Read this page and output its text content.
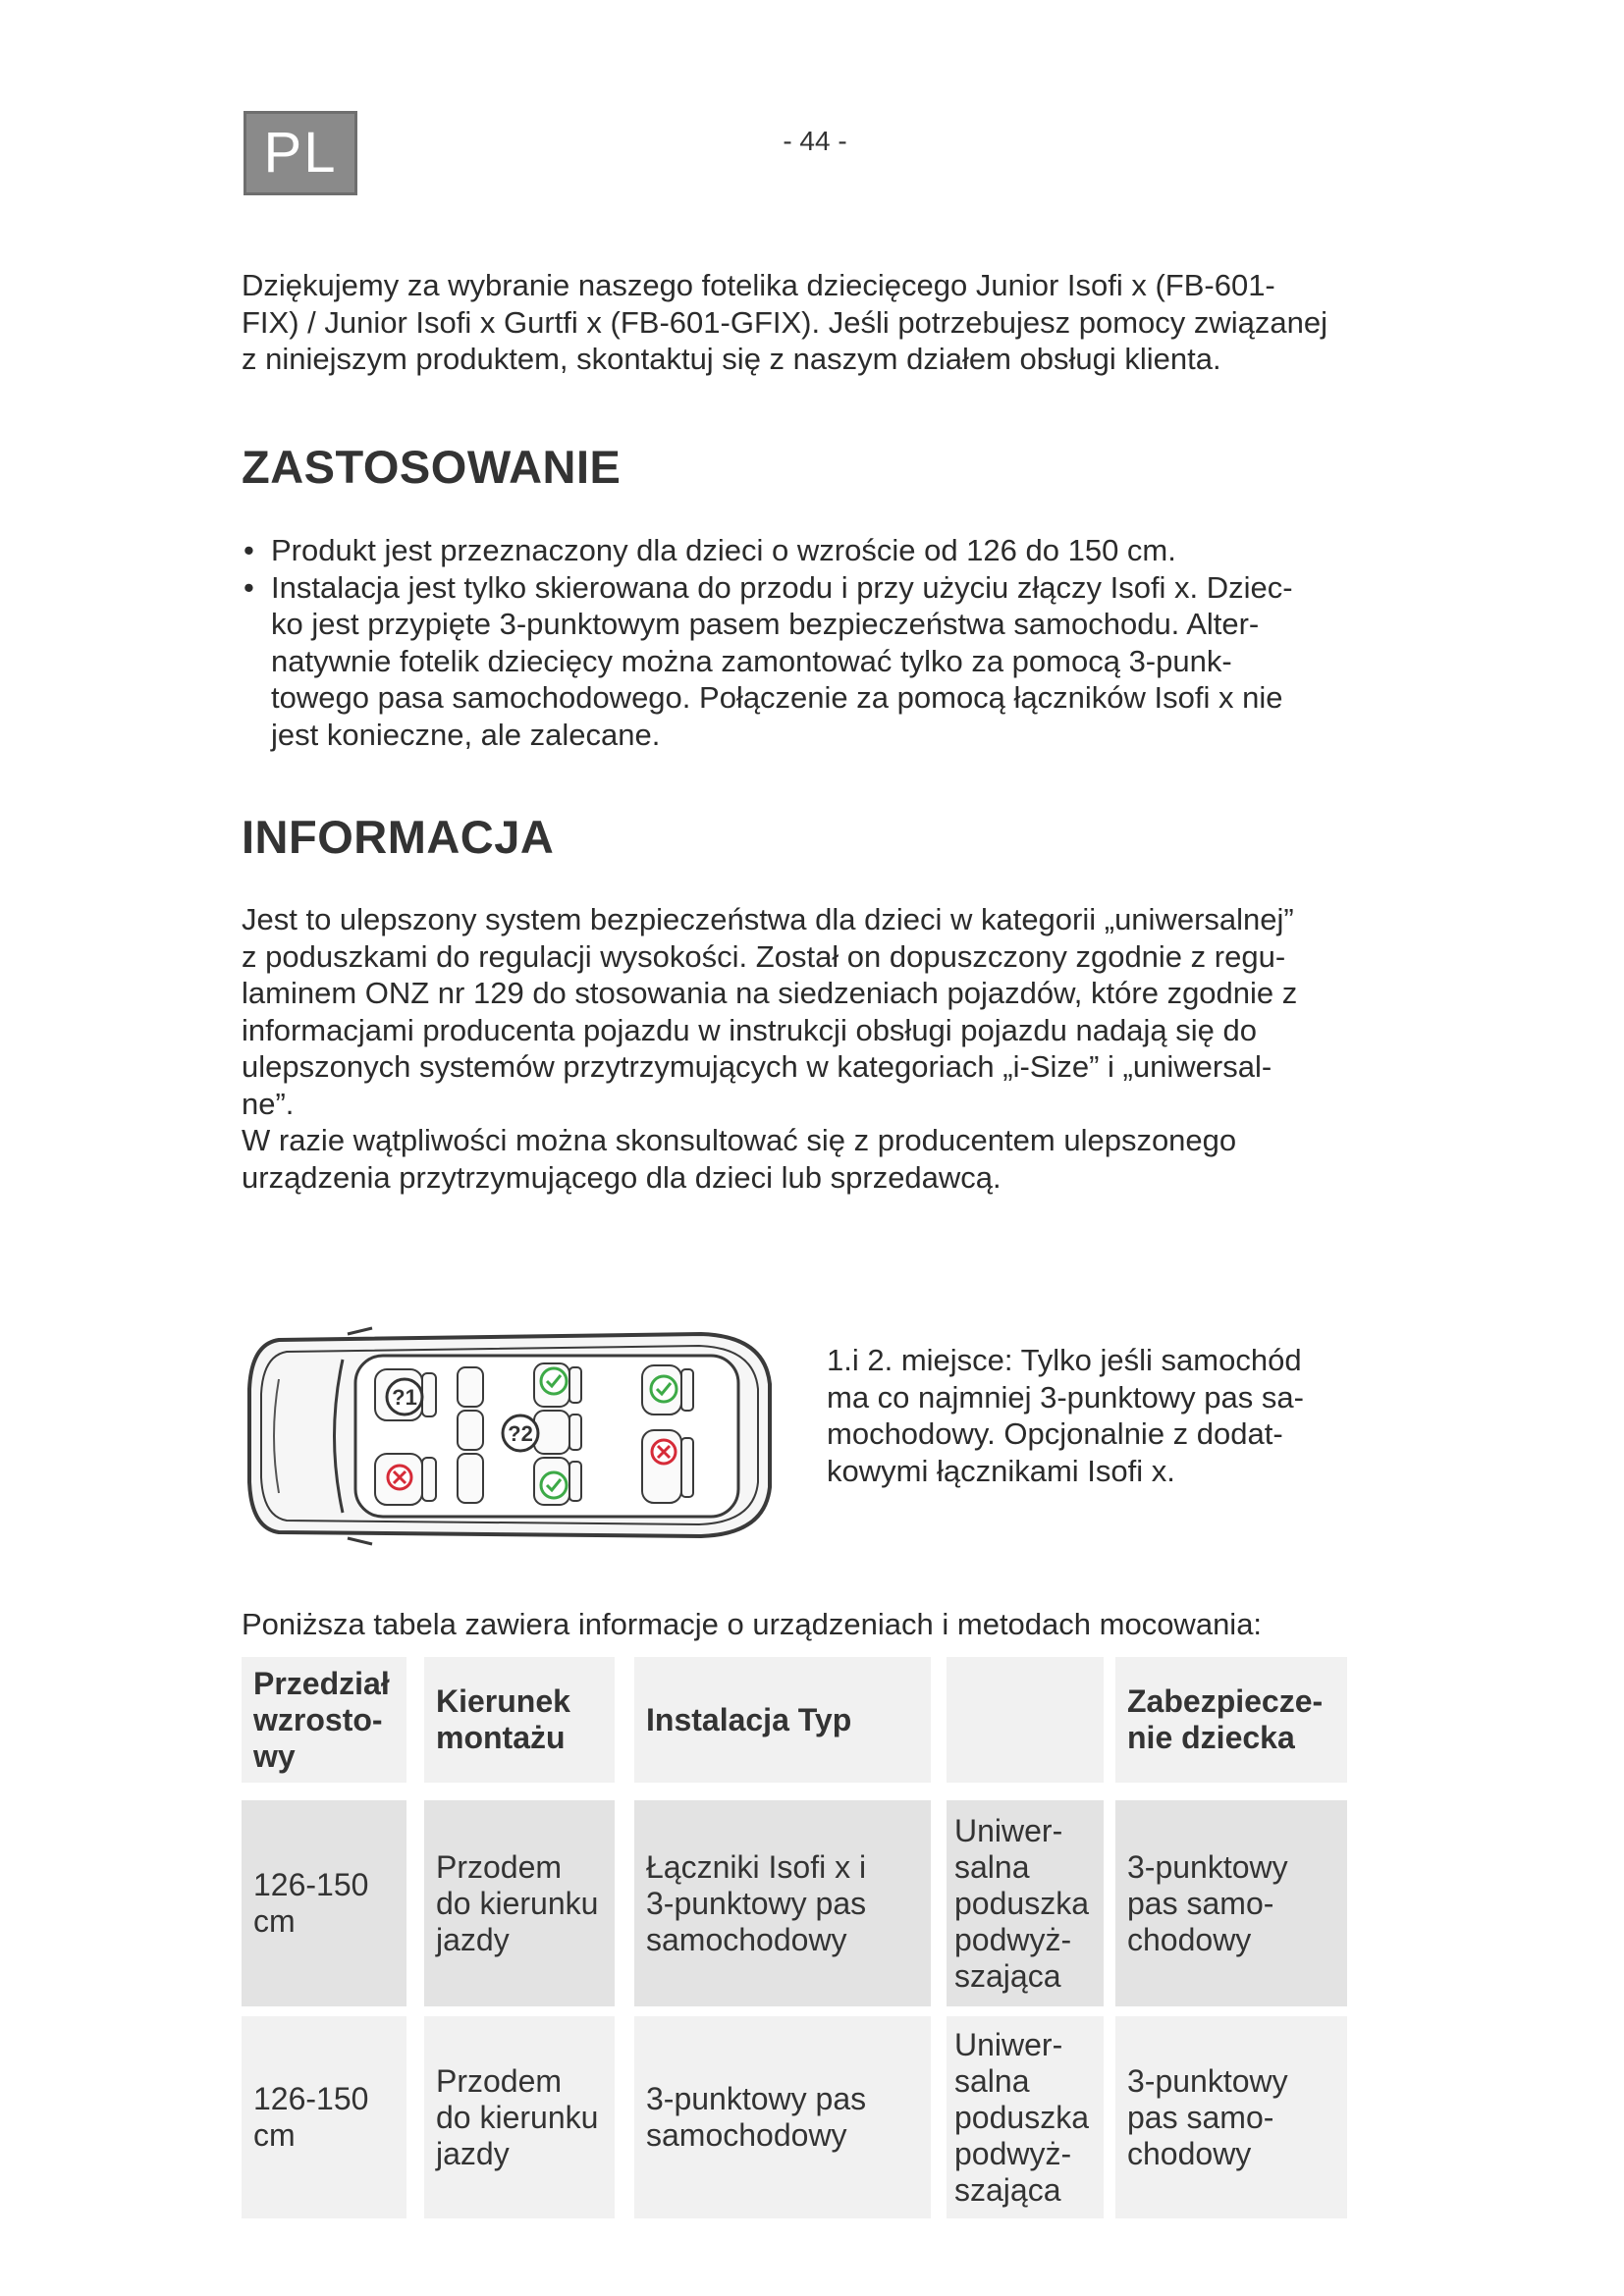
PL	- 44 -
Dziękujemy za wybranie naszego fotelika dziecięcego Junior Isofi x (FB-601-
FIX) / Junior Isofi x Gurtfi x (FB-601-GFIX). Jeśli potrzebujesz pomocy związanej
z niniejszym produktem, skontaktuj się z naszym działem obsługi klienta.
ZASTOSOWANIE
• Produkt jest przeznaczony dla dzieci o wzroście od 126 do 150 cm.
• Instalacja jest tylko skierowana do przodu i przy użyciu złączy Isofi x. Dziec-
ko jest przypięte 3-punktowym pasem bezpieczeństwa samochodu. Alter-
natywnie fotelik dziecięcy można zamontować tylko za pomocą 3-punk-
towego pasa samochodowego. Połączenie za pomocą łączników Isofi x nie
jest konieczne, ale zalecane.
INFORMACJA
Jest to ulepszony system bezpieczeństwa dla dzieci w kategorii „uniwersalnej”
z poduszkami do regulacji wysokości. Został on dopuszczony zgodnie z regu-
laminem ONZ nr 129 do stosowania na siedzeniach pojazdów, które zgodnie z
informacjami producenta pojazdu w instrukcji obsługi pojazdu nadają się do
ulepszonych systemów przytrzymujących w kategoriach „i-Size” i „uniwersal-
ne”.

W razie wątpliwości można skonsultować się z producentem ulepszonego

urządzenia przytrzymującego dla dzieci lub sprzedawcą.
?1
?2
1.i 2. miejsce: Tylko jeśli samochód
ma co najmniej 3-punktowy pas sa-
mochodowy. Opcjonalnie z dodat-
kowymi łącznikami Isofi x.
Poniższa tabela zawiera informacje o urządzeniach i metodach mocowania:
Przedział
wzrosto-
wy
Kierunek
montażu
Instalacja Typ
Zabezpiecze-
nie dziecka
126-150
cm
Przodem
do kierunku
jazdy
Łączniki Isofi x i
3-punktowy pas
samochodowy
Uniwer-
salna
poduszka
podwyż-
szająca
3-punktowy
pas samo-
chodowy
126-150
cm
Przodem
do kierunku
jazdy
3-punktowy pas
samochodowy
Uniwer-
salna
poduszka
podwyż-
szająca
3-punktowy
pas samo-
chodowy
